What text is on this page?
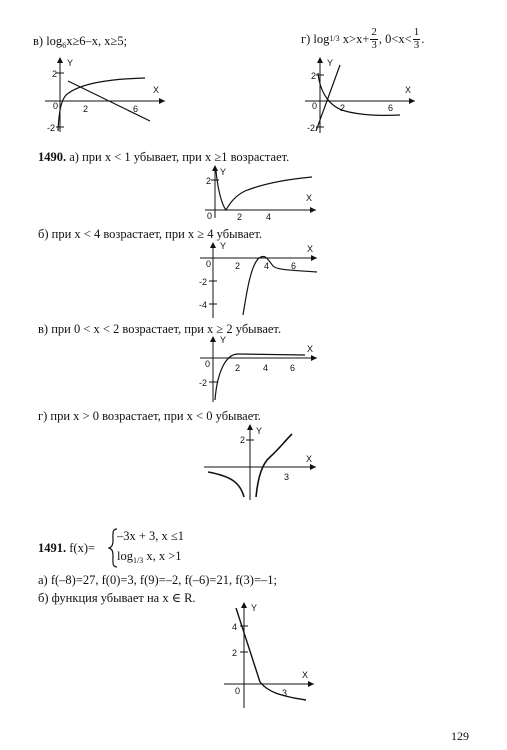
в) $\log_6x\ge 6-x$, x≥5;	г) log1/3 $x>x+ \frac{2}{3}$ , $0<x< \frac{1}{3}$ .
2
0
-2
2	6
Y
X
2
0
-2
2	6
Y
X
1490. а) при x < 1 убывает, при x ≥1 возрастает.
2
0	2	4
Y
X
б) при x < 4 возрастает, при x ≥ 4 убывает.
0	2	4 6
-2
-4
Y	X
в) при 0 < x < 2 возрастает, при x ≥ 2 убывает.
0	2	4 6
-2
Y
X
г) при x > 0 возрастает, при x < 0 убывает.
2
3
Y
X
1491. f(x)=
–3x + 3, x ≤1
$\log_{1/3} x$, x >1
а) f(–8)=27, f(0)=3, f(9)=–2, f(–6)=21, f(3)=–1;
б) функция убывает на x ∈ R.
4
2
0	3
Y
X
129
